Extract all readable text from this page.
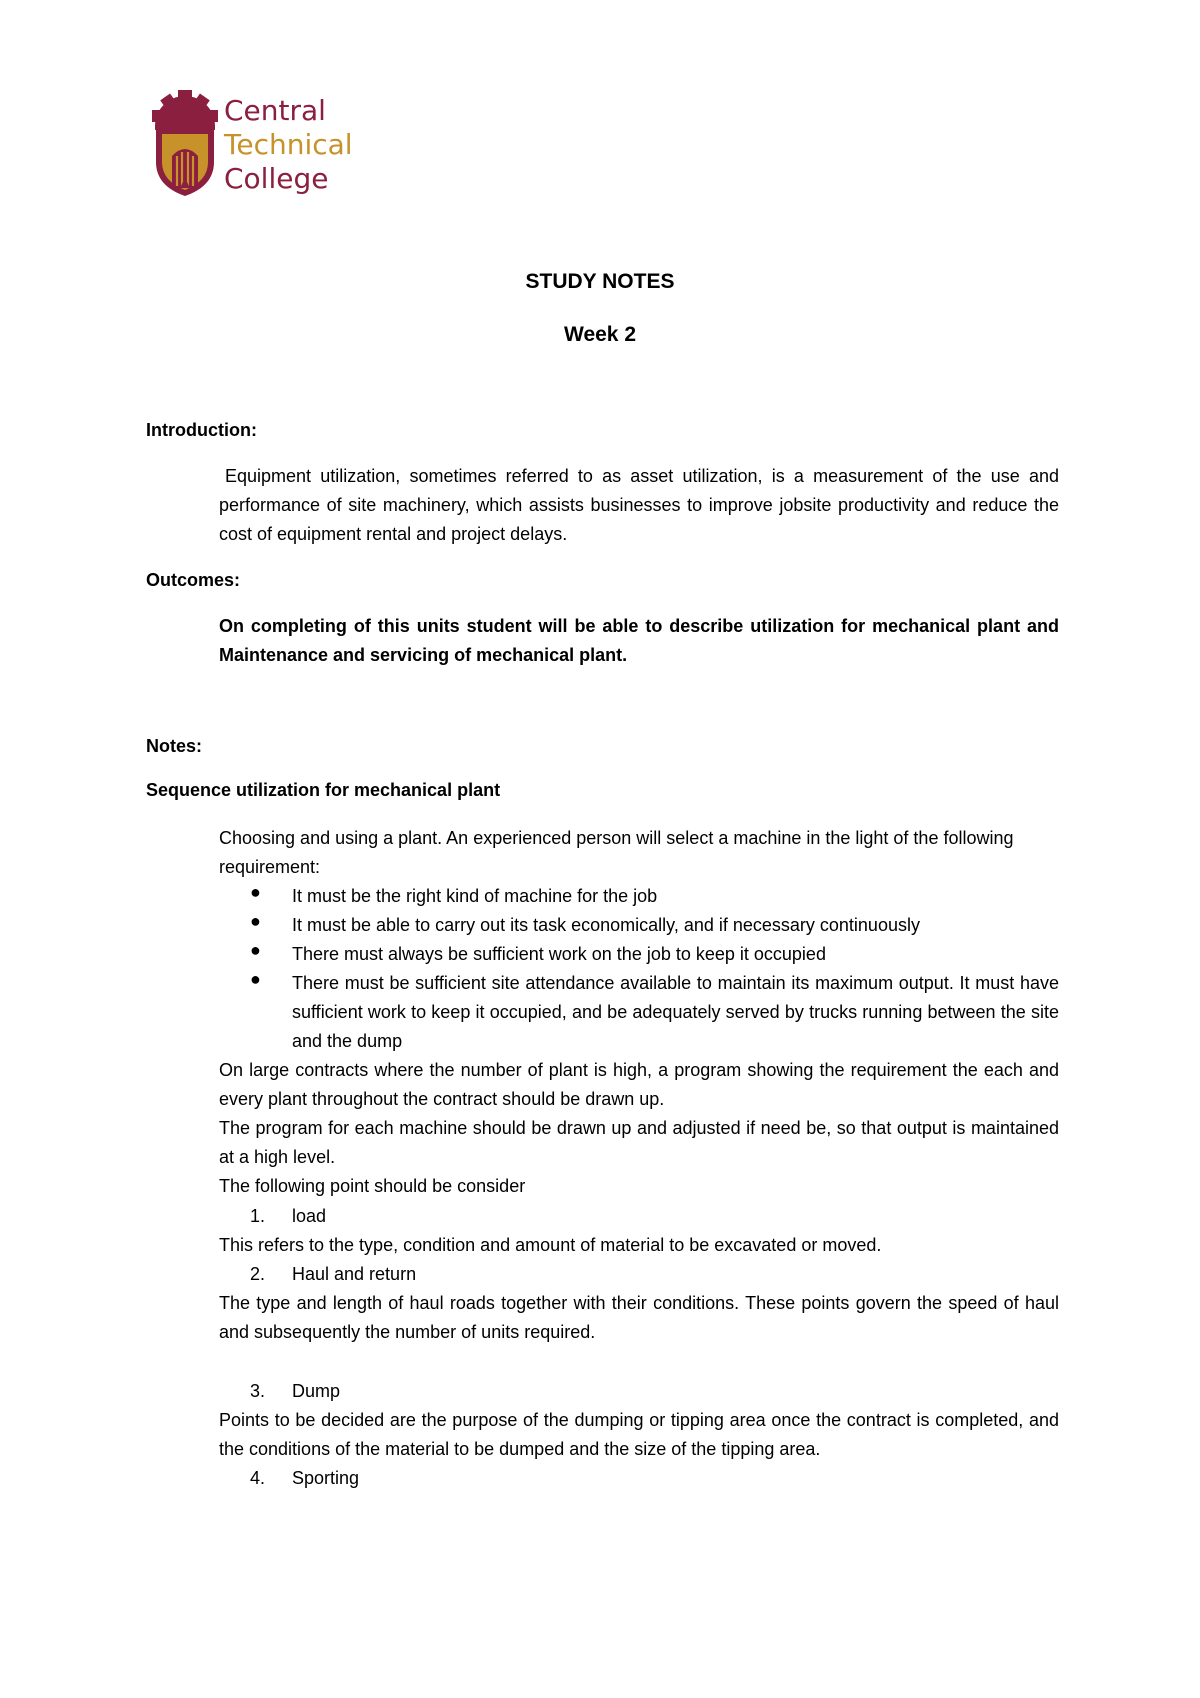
Central
Technical
College
STUDY NOTES
Week 2
Introduction:
Equipment utilization, sometimes referred to as asset utilization, is a measurement of the use and performance of site machinery, which assists businesses to improve jobsite productivity and reduce the cost of equipment rental and project delays.
Outcomes:
On completing of this units student will be able to describe utilization for mechanical plant and Maintenance and servicing of mechanical plant.
Notes:
Sequence utilization for mechanical plant
Choosing and using a plant. An experienced person will select a machine in the light of the following requirement:
●	It must be the right kind of machine for the job
●	It must be able to carry out its task economically, and if necessary continuously
●	There must always be sufficient work on the job to keep it occupied
●	There must be sufficient site attendance available to maintain its maximum output. It must have sufficient work to keep it occupied, and be adequately served by trucks running between the site and the dump
On large contracts where the number of plant is high, a program showing the requirement the each and every plant throughout the contract should be drawn up.
The program for each machine should be drawn up and adjusted if need be, so that output is maintained at a high level.
The following point should be consider
1.	load
This refers to the type, condition and amount of material to be excavated or moved.
2.	Haul and return
The type and length of haul roads together with their conditions. These points govern the speed of haul and subsequently the number of units required.
3.	Dump
Points to be decided are the purpose of the dumping or tipping area once the contract is completed, and the conditions of the material to be dumped and the size of the tipping area.
4.	Sporting
